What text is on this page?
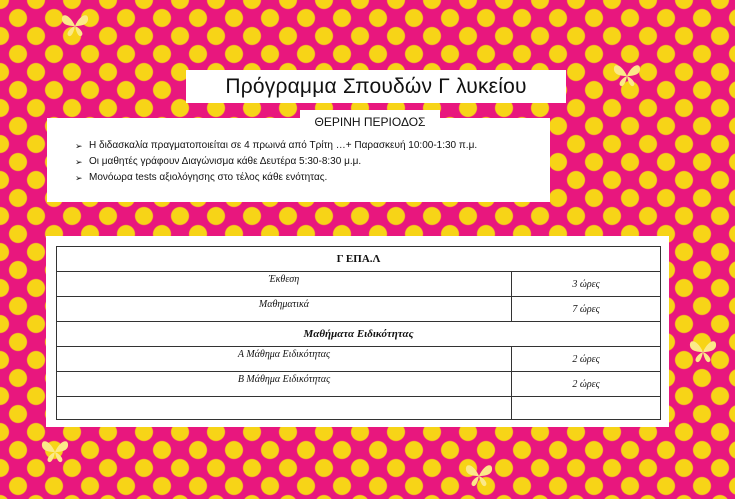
➢ Η διδασκαλία πραγματοποιείται σε 4 πρωινά από Τρίτη …+ Παρασκευή 10:00-1:30 π.μ.
➢ Οι μαθητές γράφουν Διαγώνισμα κάθε Δευτέρα 5:30-8:30 μ.μ.
➢ Μονόωρα tests αξιολόγησης στο τέλος κάθε ενότητας.
Πρόγραμμα Σπουδών Γ λυκείου
ΘΕΡΙΝΗ ΠΕΡΙΟΔΟΣ
Γ ΕΠΑ.Λ	
Έκθεση	3 ώρες
Μαθηματικά	7 ώρες
Μαθήματα Ειδικότητας	
Α Μάθημα Ειδικότητας	2 ώρες
Β Μάθημα Ειδικότητας	2 ώρες
